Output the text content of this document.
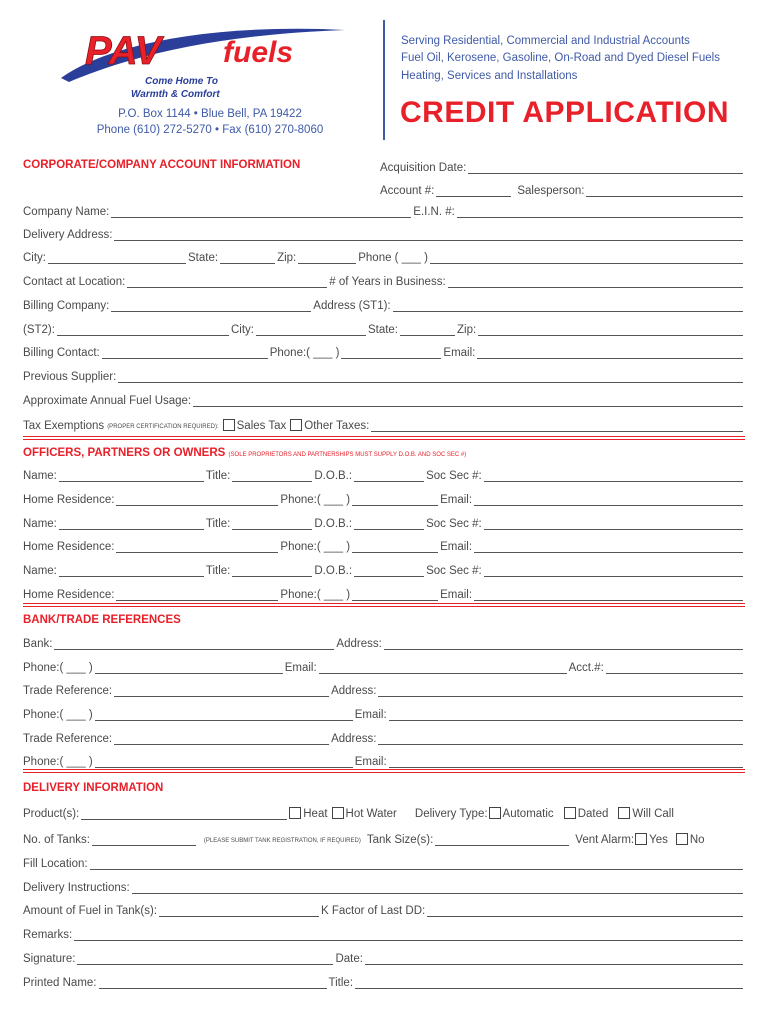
PAV fuels
Come Home To
Warmth & Comfort
P.O. Box 1144 • Blue Bell, PA 19422
Phone (610) 272-5270 • Fax (610) 270-8060
Serving Residential, Commercial and Industrial Accounts
Fuel Oil, Kerosene, Gasoline, On-Road and Dyed Diesel Fuels
Heating, Services and Installations
CREDIT APPLICATION
CORPORATE/COMPANY ACCOUNT INFORMATION	Acquisition Date:
Account #:	Salesperson:
Company Name:	E.I.N. #:
Delivery Address:
City:	State:	Zip:	Phone ( ___ )
Contact at Location:	# of Years in Business:
Billing Company:	Address (ST1):
(ST2):	City:	State:	Zip:
Billing Contact:	Phone:( ___ )	Email:
Previous Supplier:
Approximate Annual Fuel Usage:
Tax Exemptions (PROPER CERTIFICATION REQUIRED): Sales Tax Other Taxes:
OFFICERS, PARTNERS OR OWNERS (SOLE PROPRIETORS AND PARTNERSHIPS MUST SUPPLY D.O.B. AND SOC SEC #)
Name:	Title:	D.O.B.:	Soc Sec #:
Home Residence:	Phone:( ___ )	Email:
Name:	Title:	D.O.B.:	Soc Sec #:
Home Residence:	Phone:( ___ )	Email:
Name:	Title:	D.O.B.:	Soc Sec #:
Home Residence:	Phone:( ___ )	Email:
BANK/TRADE REFERENCES
Bank:	Address:
Phone:( ___ )	Email:	Acct.#:
Trade Reference:	Address:
Phone:( ___ )	Email:
Trade Reference:	Address:
Phone:( ___ )	Email:
DELIVERY INFORMATION
Product(s):	Heat Hot Water Delivery Type: Automatic Dated Will Call
No. of Tanks:	(PLEASE SUBMIT TANK REGISTRATION, IF REQUIRED) Tank Size(s):	Vent Alarm: Yes No
Fill Location:
Delivery Instructions:
Amount of Fuel in Tank(s):	K Factor of Last DD:
Remarks:
Signature:	Date:
Printed Name:	Title:
